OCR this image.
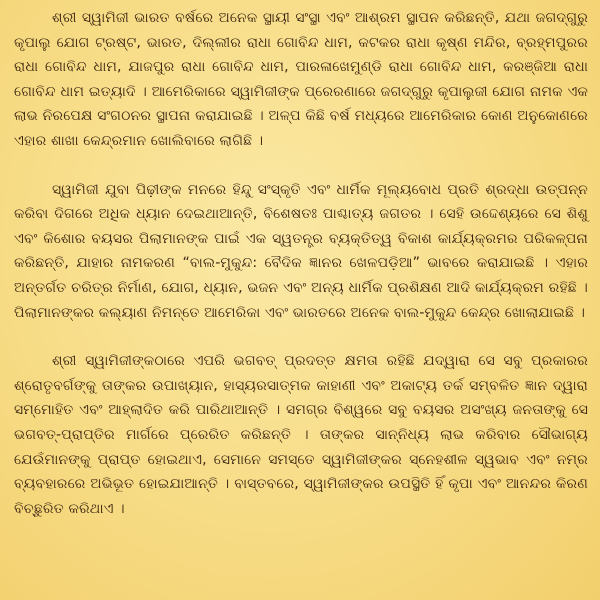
ଶ୍ରୀ ସ୍ୱାମିଜୀ ଭାରତ ବର୍ଷରେ ଅନେକ ସ୍ଥାୟୀ ସଂସ୍ଥା ଏବଂ ଆଶ୍ରମ ସ୍ଥାପନ କରିଛନ୍ତି, ଯଥା ଜଗଦ୍‌ଗୁରୁ କୃପାଲୁ ଯୋଗ ଟ୍ରଷ୍ଟ, ଭାରତ, ଦିଲ୍ଲୀର ରାଧା ଗୋବିନ୍ଦ ଧାମ, କଟକର ରାଧା କୃଷ୍ଣ ମନ୍ଦିର, ବ୍ରହ୍ମପୁରର ରାଧା ଗୋବିନ୍ଦ ଧାମ, ଯାଜପୁର ରାଧା ଗୋବିନ୍ଦ ଧାମ, ପାରଳାଖେମୁଣ୍ଡି ରାଧା ଗୋବିନ୍ଦ ଧାମ, କରଞ୍ଜିଆ ରାଧା ଗୋବିନ୍ଦ ଧାମ ଇତ୍ୟାଦି । ଆମେରିକାରେ ସ୍ୱାମିଜୀଙ୍କ ପ୍ରେରଣାରେ ଜଗଦ୍‌ଗୁରୁ କୃପାଲୁଜୀ ଯୋଗ ନାମକ ଏକ ଲାଭ ନିରପେକ୍ଷ ସଂଗଠନର ସ୍ଥାପନା କରାଯାଇଛି । ଅଳ୍ପ କିଛି ବର୍ଷ ମଧ୍ୟରେ ଆମେରିକାର କୋଣ ଅନୁକୋଣରେ ଏହାର ଶାଖା କେନ୍ଦ୍ରମାନ ଖୋଲିବାରେ ଲାଗିଛି ।

ସ୍ୱାମିଜୀ ଯୁବା ପିଢ଼ୀଙ୍କ ମନରେ ହିନ୍ଦୁ ସଂସ୍କୃତି ଏବଂ ଧାର୍ମିକ ମୂଲ୍ୟବୋଧ ପ୍ରତି ଶ୍ରଦ୍ଧା ଉତ୍ପନ୍ନ କରିବା ଦିଗରେ ଅଧିକ ଧ୍ୟାନ ଦେଇଥାଆନ୍ତି, ବିଶେଷତଃ ପାଶ୍ଚାତ୍ୟ ଜଗତର । ସେହି ଉଦ୍ଦେଶ୍ୟରେ ସେ ଶିଶୁ ଏବଂ କିଶୋର ବୟସର ପିଲାମାନଙ୍କ ପାଇଁ ଏକ ସ୍ୱତନ୍ତ୍ର ବ୍ୟକ୍ତିତ୍ୱ ବିକାଶ କାର୍ଯ୍ୟକ୍ରମର ପରିକଳ୍ପନା କରିଛନ୍ତି, ଯାହାର ନାମକରଣ “ବାଲ-ମୁକୁନ୍ଦ: ବୈଦିକ ଜ୍ଞାନର ଖେଳପଡ଼ିଆ” ଭାବରେ କରାଯାଇଛି । ଏହାର ଅନ୍ତର୍ଗତ ଚରିତ୍ର ନିର୍ମାଣ, ଯୋଗ, ଧ୍ୟାନ, ଭଜନ ଏବଂ ଅନ୍ୟ ଧାର୍ମିକ ପ୍ରଶିକ୍ଷଣ ଆଦି କାର୍ଯ୍ୟକ୍ରମ ରହିଛି । ପିଲାମାନଙ୍କର କଲ୍ୟାଣ ନିମନ୍ତେ ଆମେରିକା ଏବଂ ଭାରତରେ ଅନେକ ବାଲ-ମୁକୁନ୍ଦ କେନ୍ଦ୍ର ଖୋଲାଯାଇଛି ।

ଶ୍ରୀ ସ୍ୱାମିଜୀଙ୍କଠାରେ ଏପରି ଭଗବତ୍ ପ୍ରଦତ୍ତ କ୍ଷମତା ରହିଛି ଯଦ୍ୱାରା ସେ ସବୁ ପ୍ରକାରର ଶ୍ରୋତୃବର୍ଗଙ୍କୁ ତାଙ୍କର ଉପାଖ୍ୟାନ, ହାସ୍ୟରସାତ୍ମକ କାହାଣୀ ଏବଂ ଅକାଟ୍ୟ ତର୍କ ସମ୍ବଳିତ ଜ୍ଞାନ ଦ୍ୱାରା ସମ୍ମୋହିତ ଏବଂ ଆହ୍ଲାଦିତ କରି ପାରିଥାଆନ୍ତି । ସମଗ୍ର ବିଶ୍ୱରେ ସବୁ ବୟସର ଅସଂଖ୍ୟ ଜନତାଙ୍କୁ ସେ ଭଗବତ୍-ପ୍ରାପ୍ତିର ମାର୍ଗରେ ପ୍ରେରିତ କରିଛନ୍ତି । ତାଙ୍କର ସାନ୍ନିଧ୍ୟ ଲାଭ କରିବାର ସୌଭାଗ୍ୟ ଯେଉଁମାନଙ୍କୁ ପ୍ରାପ୍ତ ହୋଇଥାଏ, ସେମାନେ ସମସ୍ତେ ସ୍ୱାମିଜୀଙ୍କର ସ୍ନେହଶୀଳ ସ୍ୱଭାବ ଏବଂ ନମ୍ର ବ୍ୟବହାରରେ ଅଭିଭୂତ ହୋଇଯାଆନ୍ତି । ବାସ୍ତବରେ, ସ୍ୱାମିଜୀଙ୍କର ଉପସ୍ଥିତି ହିଁ କୃପା ଏବଂ ଆନନ୍ଦର କିରଣ ବିଚ୍ଛୁରିତ କରିଥାଏ ।
